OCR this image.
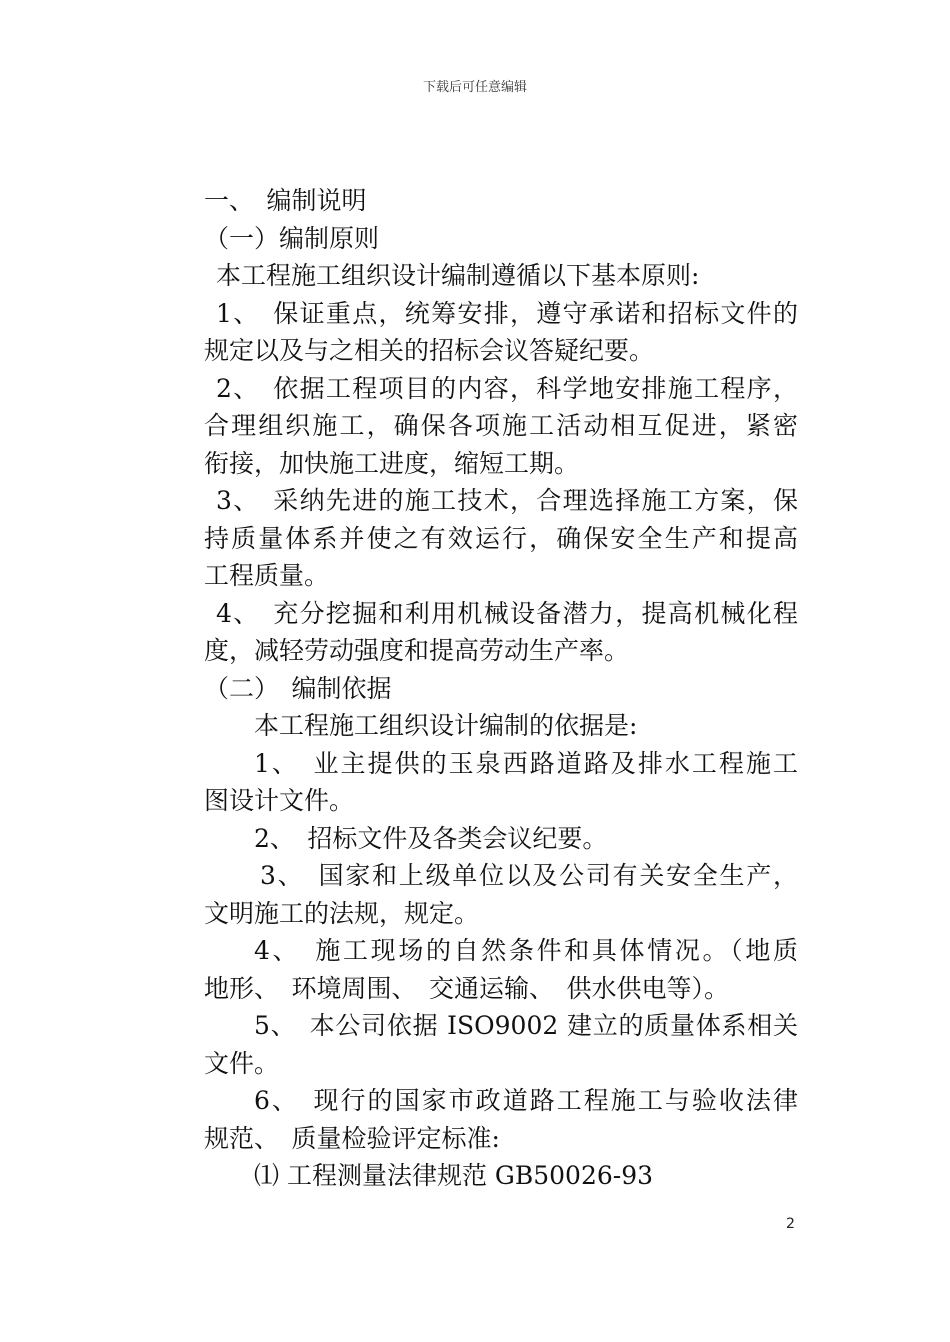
下载后可任意编辑
一、　编制说明
（一）编制原则
本工程施工组织设计编制遵循以下基本原则:
1、　保证重点，统筹安排，遵守承诺和招标文件的
规定以及与之相关的招标会议答疑纪要。
2、　依据工程项目的内容，科学地安排施工程序，
合理组织施工，确保各项施工活动相互促进，紧密
衔接，加快施工进度，缩短工期。
3、　采纳先进的施工技术，合理选择施工方案，保
持质量体系并使之有效运行，确保安全生产和提高
工程质量。
4、　充分挖掘和利用机械设备潜力，提高机械化程
度，减轻劳动强度和提高劳动生产率。
（二）　编制依据
本工程施工组织设计编制的依据是:
1、　业主提供的玉泉西路道路及排水工程施工
图设计文件。
2、　招标文件及各类会议纪要。
3、　国家和上级单位以及公司有关安全生产，
文明施工的法规，规定。
4、　施工现场的自然条件和具体情况。（地质
地形、　环境周围、　交通运输、　供水供电等）。
5、　本公司依据 ISO9002 建立的质量体系相关
文件。
6、　现行的国家市政道路工程施工与验收法律
规范、　质量检验评定标准:
⑴ 工程测量法律规范 GB50026-93
2
